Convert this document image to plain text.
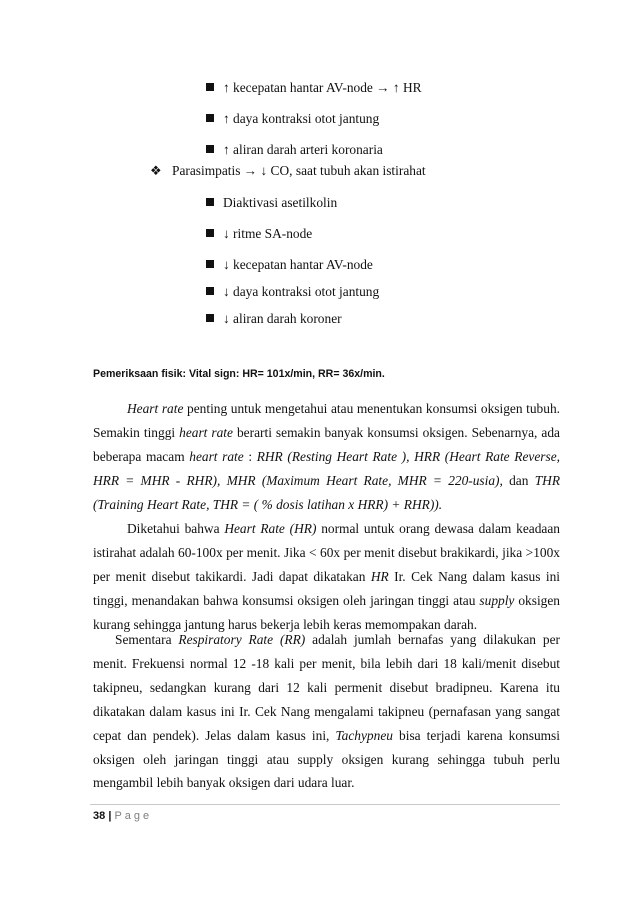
↑ kecepatan hantar AV-node → ↑ HR
↑ daya kontraksi otot jantung
↑ aliran darah arteri koronaria
❖ Parasimpatis → ↓ CO, saat tubuh akan istirahat
Diaktivasi asetilkolin
↓ ritme SA-node
↓ kecepatan hantar AV-node
↓ daya kontraksi otot jantung
↓ aliran darah koroner
Pemeriksaan fisik: Vital sign: HR= 101x/min, RR= 36x/min.
Heart rate penting untuk mengetahui atau menentukan konsumsi oksigen tubuh. Semakin tinggi heart rate berarti semakin banyak konsumsi oksigen. Sebenarnya, ada beberapa macam heart rate : RHR (Resting Heart Rate ), HRR (Heart Rate Reverse, HRR = MHR - RHR), MHR (Maximum Heart Rate, MHR = 220-usia), dan THR (Training Heart Rate, THR = ( % dosis latihan x HRR) + RHR)).
Diketahui bahwa Heart Rate (HR) normal untuk orang dewasa dalam keadaan istirahat adalah 60-100x per menit. Jika < 60x per menit disebut brakikardi, jika >100x per menit disebut takikardi. Jadi dapat dikatakan HR Ir. Cek Nang dalam kasus ini tinggi, menandakan bahwa konsumsi oksigen oleh jaringan tinggi atau supply oksigen kurang sehingga jantung harus bekerja lebih keras memompakan darah.
Sementara Respiratory Rate (RR) adalah jumlah bernafas yang dilakukan per menit. Frekuensi normal 12 -18 kali per menit, bila lebih dari 18 kali/menit disebut takipneu, sedangkan kurang dari 12 kali permenit disebut bradipneu. Karena itu dikatakan dalam kasus ini Ir. Cek Nang mengalami takipneu (pernafasan yang sangat cepat dan pendek). Jelas dalam kasus ini, Tachypneu bisa terjadi karena konsumsi oksigen oleh jaringan tinggi atau supply oksigen kurang sehingga tubuh perlu mengambil lebih banyak oksigen dari udara luar.
38 | Page
